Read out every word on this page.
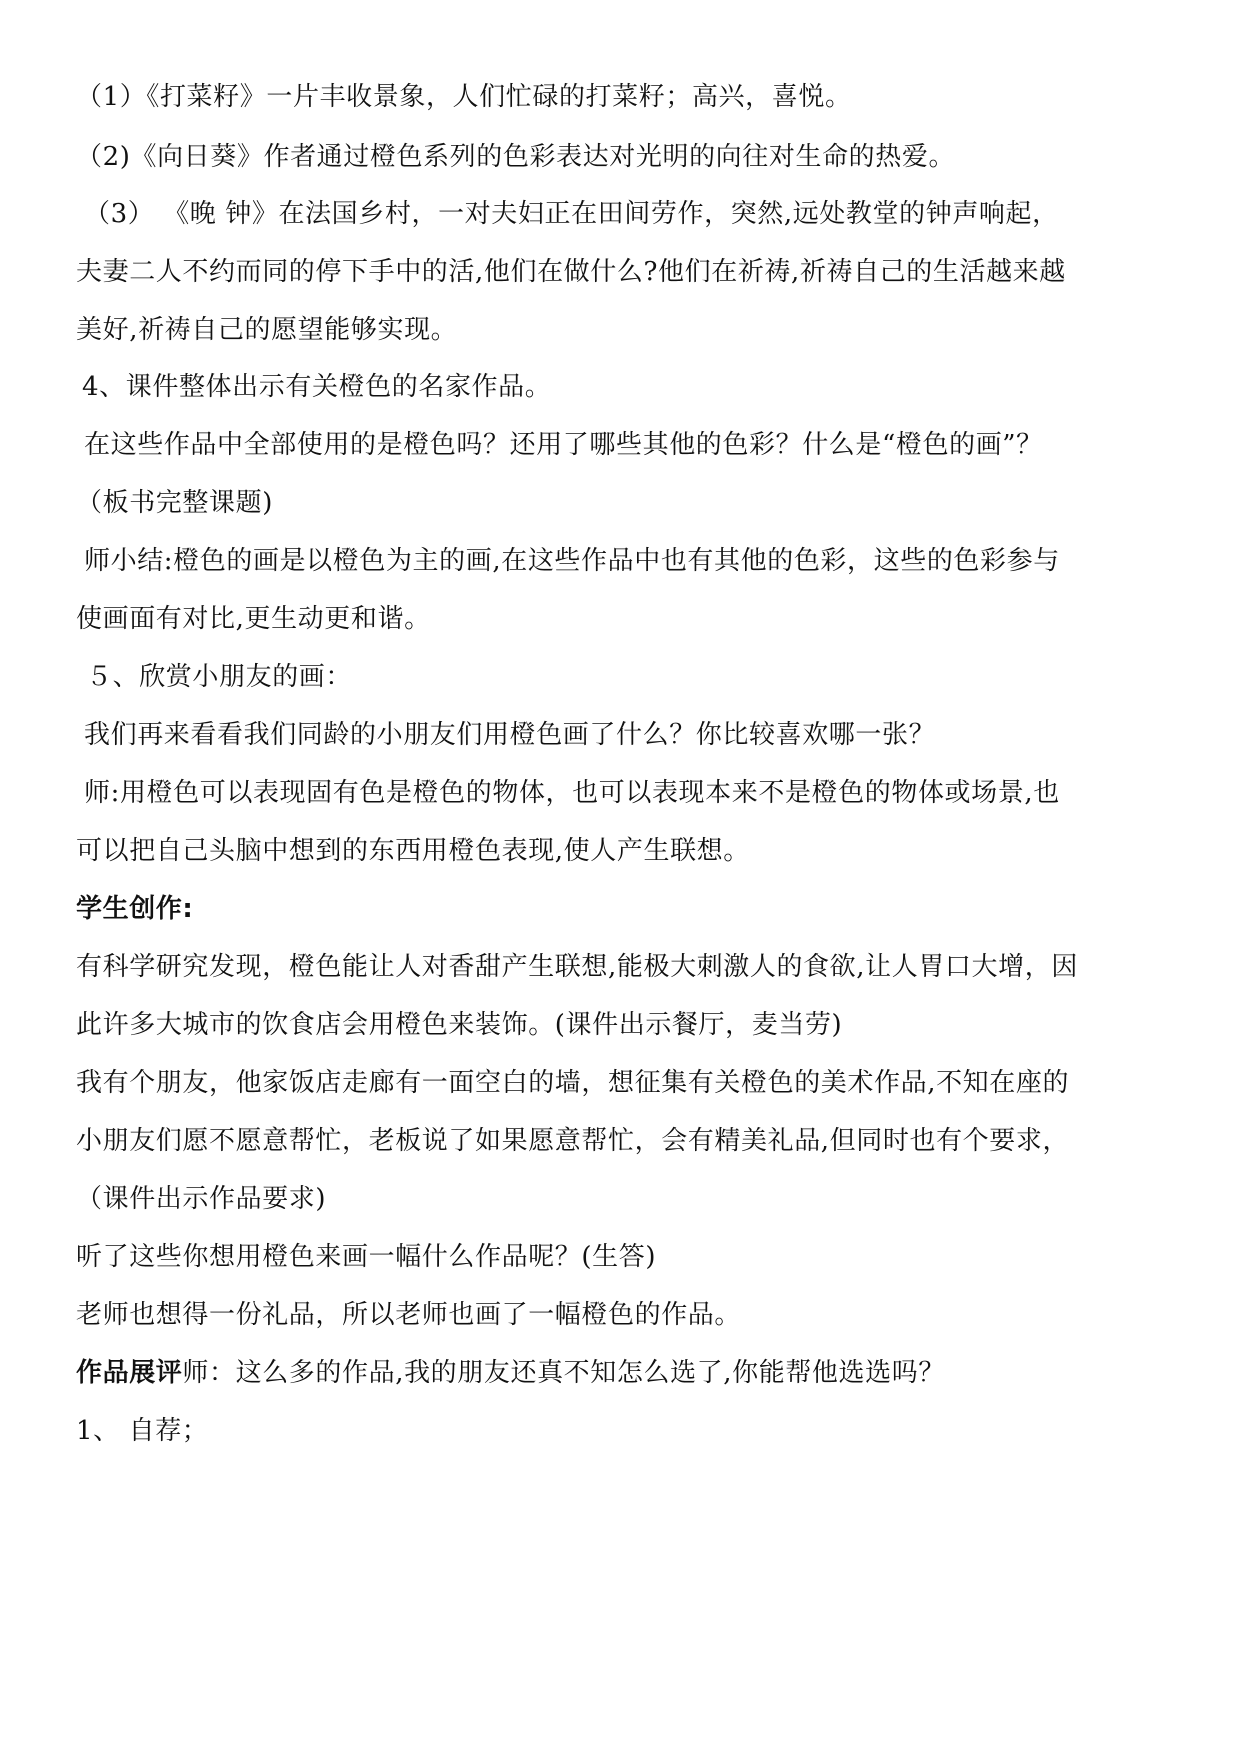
（1）《打菜籽》一片丰收景象，人们忙碌的打菜籽；高兴，喜悦。
（2)《向日葵》作者通过橙色系列的色彩表达对光明的向往对生命的热爱。
（3） 《晚 钟》在法国乡村，一对夫妇正在田间劳作，突然,远处教堂的钟声响起，
夫妻二人不约而同的停下手中的活,他们在做什么?他们在祈祷,祈祷自己的生活越来越
美好,祈祷自己的愿望能够实现。
4、课件整体出示有关橙色的名家作品。
在这些作品中全部使用的是橙色吗？还用了哪些其他的色彩？什么是“橙色的画”？
（板书完整课题)
师小结:橙色的画是以橙色为主的画,在这些作品中也有其他的色彩，这些的色彩参与
使画面有对比,更生动更和谐。
５、欣赏小朋友的画：
我们再来看看我们同龄的小朋友们用橙色画了什么？你比较喜欢哪一张？
师:用橙色可以表现固有色是橙色的物体，也可以表现本来不是橙色的物体或场景,也
可以把自己头脑中想到的东西用橙色表现,使人产生联想。
学生创作:
有科学研究发现，橙色能让人对香甜产生联想,能极大刺激人的食欲,让人胃口大增，因
此许多大城市的饮食店会用橙色来装饰。(课件出示餐厅，麦当劳)
我有个朋友，他家饭店走廊有一面空白的墙，想征集有关橙色的美术作品,不知在座的
小朋友们愿不愿意帮忙，老板说了如果愿意帮忙，会有精美礼品,但同时也有个要求，
（课件出示作品要求)
听了这些你想用橙色来画一幅什么作品呢？(生答)
老师也想得一份礼品，所以老师也画了一幅橙色的作品。
作品展评师：这么多的作品,我的朋友还真不知怎么选了,你能帮他选选吗？
1、 自荐；
